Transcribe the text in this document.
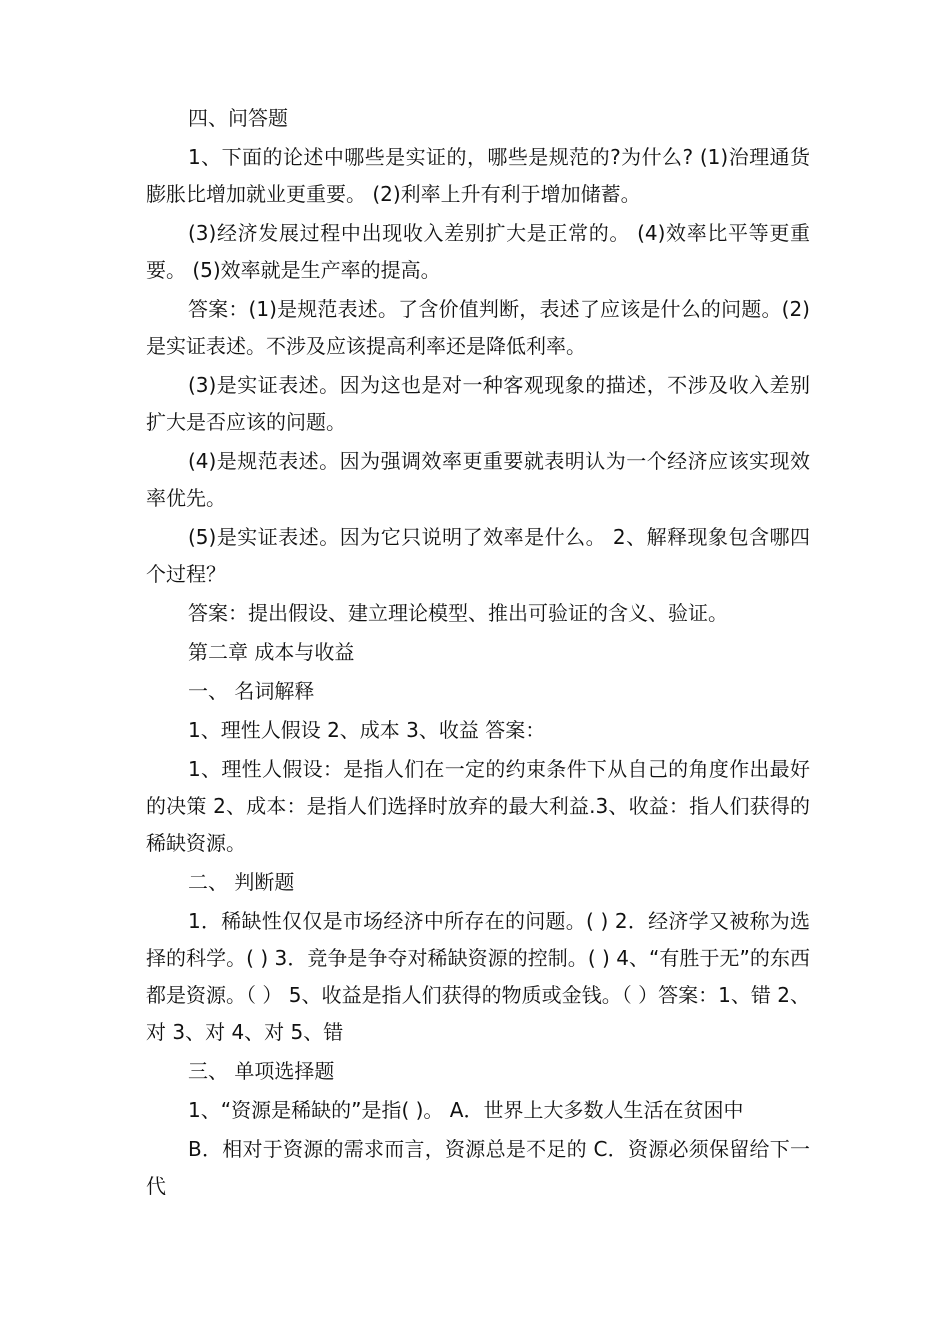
四、问答题

1、下面的论述中哪些是实证的，哪些是规范的?为什么? (1)治理通货膨胀比增加就业更重要。 (2)利率上升有利于增加储蓄。

(3)经济发展过程中出现收入差别扩大是正常的。 (4)效率比平等更重要。 (5)效率就是生产率的提高。

答案：(1)是规范表述。了含价值判断，表述了应该是什么的问题。(2)是实证表述。不涉及应该提高利率还是降低利率。

(3)是实证表述。因为这也是对一种客观现象的描述，不涉及收入差别扩大是否应该的问题。

(4)是规范表述。因为强调效率更重要就表明认为一个经济应该实现效率优先。

(5)是实证表述。因为它只说明了效率是什么。 2、解释现象包含哪四个过程？

答案：提出假设、建立理论模型、推出可验证的含义、验证。

第二章 成本与收益

一、 名词解释

1、理性人假设 2、成本 3、收益 答案：

1、理性人假设：是指人们在一定的约束条件下从自己的角度作出最好的决策 2、成本：是指人们选择时放弃的最大利益.3、收益：指人们获得的稀缺资源。

二、 判断题

1．稀缺性仅仅是市场经济中所存在的问题。( ) 2．经济学又被称为选择的科学。( ) 3．竞争是争夺对稀缺资源的控制。( ) 4、“有胜于无”的东西都是资源。（ ） 5、收益是指人们获得的物质或金钱。（ ）答案：1、错 2、对 3、对 4、对 5、错

三、 单项选择题

1、“资源是稀缺的”是指( )。 A．世界上大多数人生活在贫困中

B．相对于资源的需求而言，资源总是不足的 C．资源必须保留给下一代
